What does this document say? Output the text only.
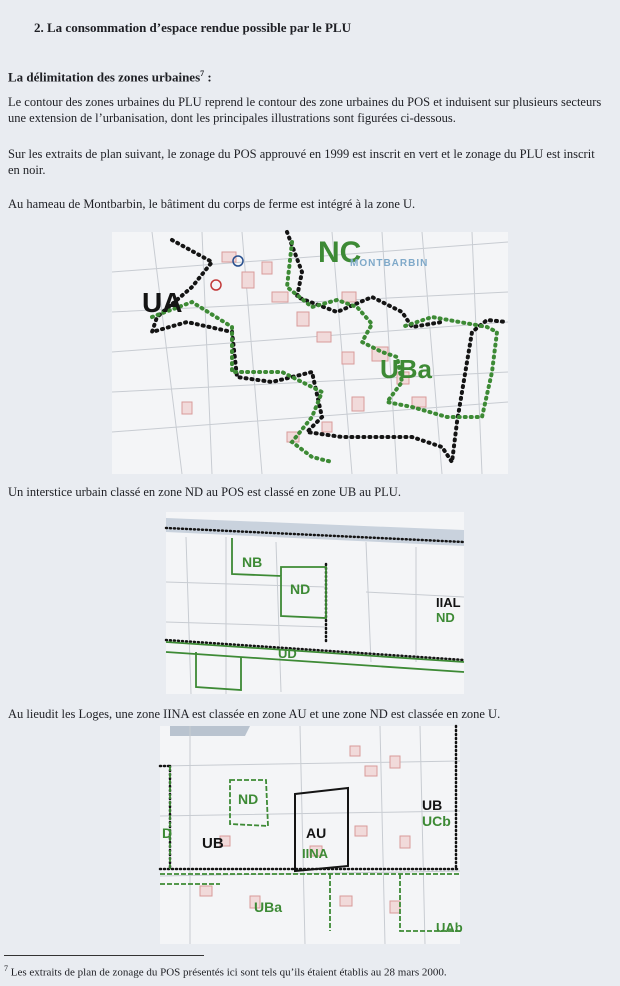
2. La consommation d’espace rendue possible par le PLU
La délimitation des zones urbaines$^7$ :
Le contour des zones urbaines du PLU reprend le contour des zone urbaines du POS et induisent sur plusieurs secteurs une extension de l’urbanisation, dont les principales illustrations sont figurées ci-dessous.
Sur les extraits de plan suivant, le zonage du POS approuvé en 1999 est inscrit en vert et le zonage du PLU est inscrit en noir.
Au hameau de Montbarbin, le bâtiment du corps de ferme est intégré à la zone U.
NC
MONTBARBIN
UA
UBa
Un interstice urbain classé en zone ND au POS est classé en zone UB au PLU.
NB
ND
IIAL
ND
UD
Au lieudit les Loges, une zone IINA est classée en zone AU et une zone ND est classée en zone U.
ND
D
UB
AU
IINA
UB
UCb
UBa
UAb
$^7$ Les extraits de plan de zonage du POS présentés ici sont tels qu’ils étaient établis au 28 mars 2000.
